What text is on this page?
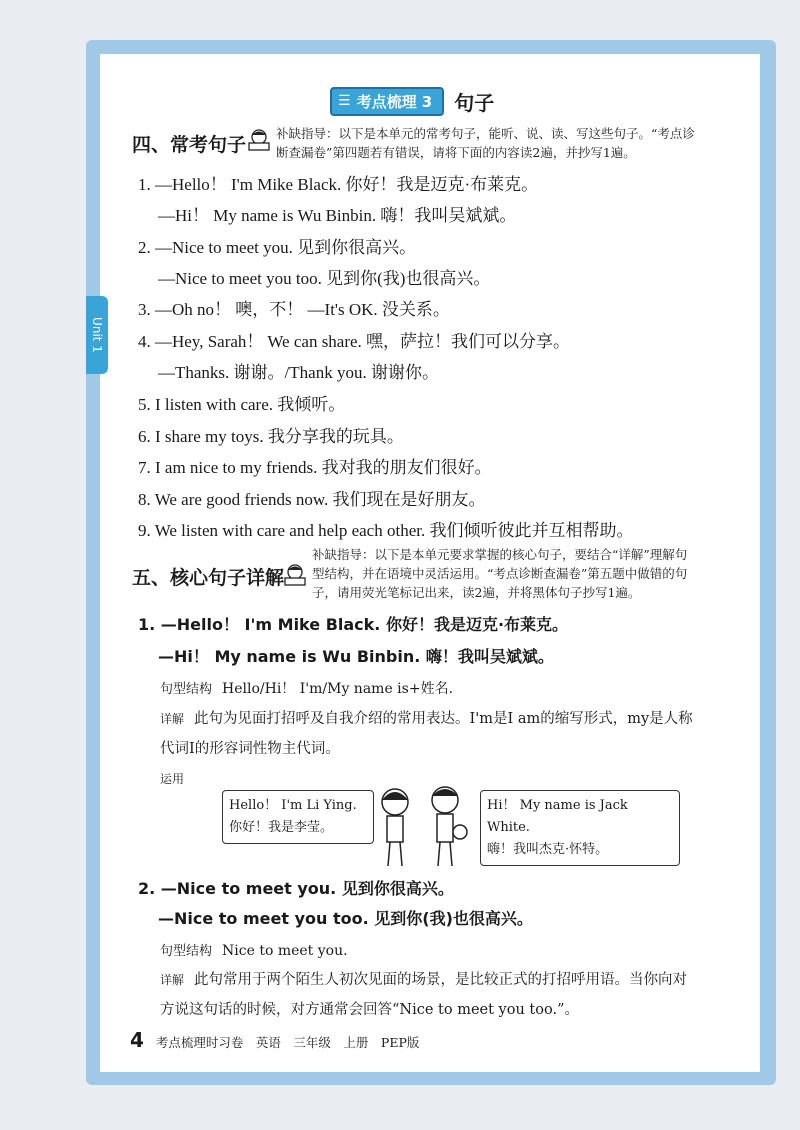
Unit 1
☰ 考点梳理 3 句子
四、常考句子
补缺指导：以下是本单元的常考句子，能听、说、读、写这些句子。“考点诊断查漏卷”第四题若有错误，请将下面的内容读2遍，并抄写1遍。
1. —Hello！ I'm Mike Black. 你好！我是迈克·布莱克。
—Hi！ My name is Wu Binbin. 嗨！我叫吴斌斌。
2. —Nice to meet you. 见到你很高兴。
—Nice to meet you too. 见到你(我)也很高兴。
3. —Oh no！ 噢，不！ —It's OK. 没关系。
4. —Hey, Sarah！ We can share. 嘿，萨拉！我们可以分享。
—Thanks. 谢谢。/Thank you. 谢谢你。
5. I listen with care. 我倾听。
6. I share my toys. 我分享我的玩具。
7. I am nice to my friends. 我对我的朋友们很好。
8. We are good friends now. 我们现在是好朋友。
9. We listen with care and help each other. 我们倾听彼此并互相帮助。
五、核心句子详解
补缺指导：以下是本单元要求掌握的核心句子，要结合“详解”理解句型结构，并在语境中灵活运用。“考点诊断查漏卷”第五题中做错的句子，请用荧光笔标记出来，读2遍，并将黑体句子抄写1遍。
1. —Hello！ I'm Mike Black. 你好！我是迈克·布莱克。
—Hi！ My name is Wu Binbin. 嗨！我叫吴斌斌。
句型结构 Hello/Hi！ I'm/My name is+姓名.
详解 此句为见面打招呼及自我介绍的常用表达。I'm是I am的缩写形式，my是人称代词I的形容词性物主代词。
运用
Hello！ I'm Li Ying.
你好！我是李莹。
Hi！ My name is Jack White.
嗨！我叫杰克·怀特。
2. —Nice to meet you. 见到你很高兴。
—Nice to meet you too. 见到你(我)也很高兴。
句型结构 Nice to meet you.
详解 此句常用于两个陌生人初次见面的场景，是比较正式的打招呼用语。当你向对方说这句话的时候，对方通常会回答“Nice to meet you too.”。
4 考点梳理时习卷　英语　三年级　上册　PEP版
